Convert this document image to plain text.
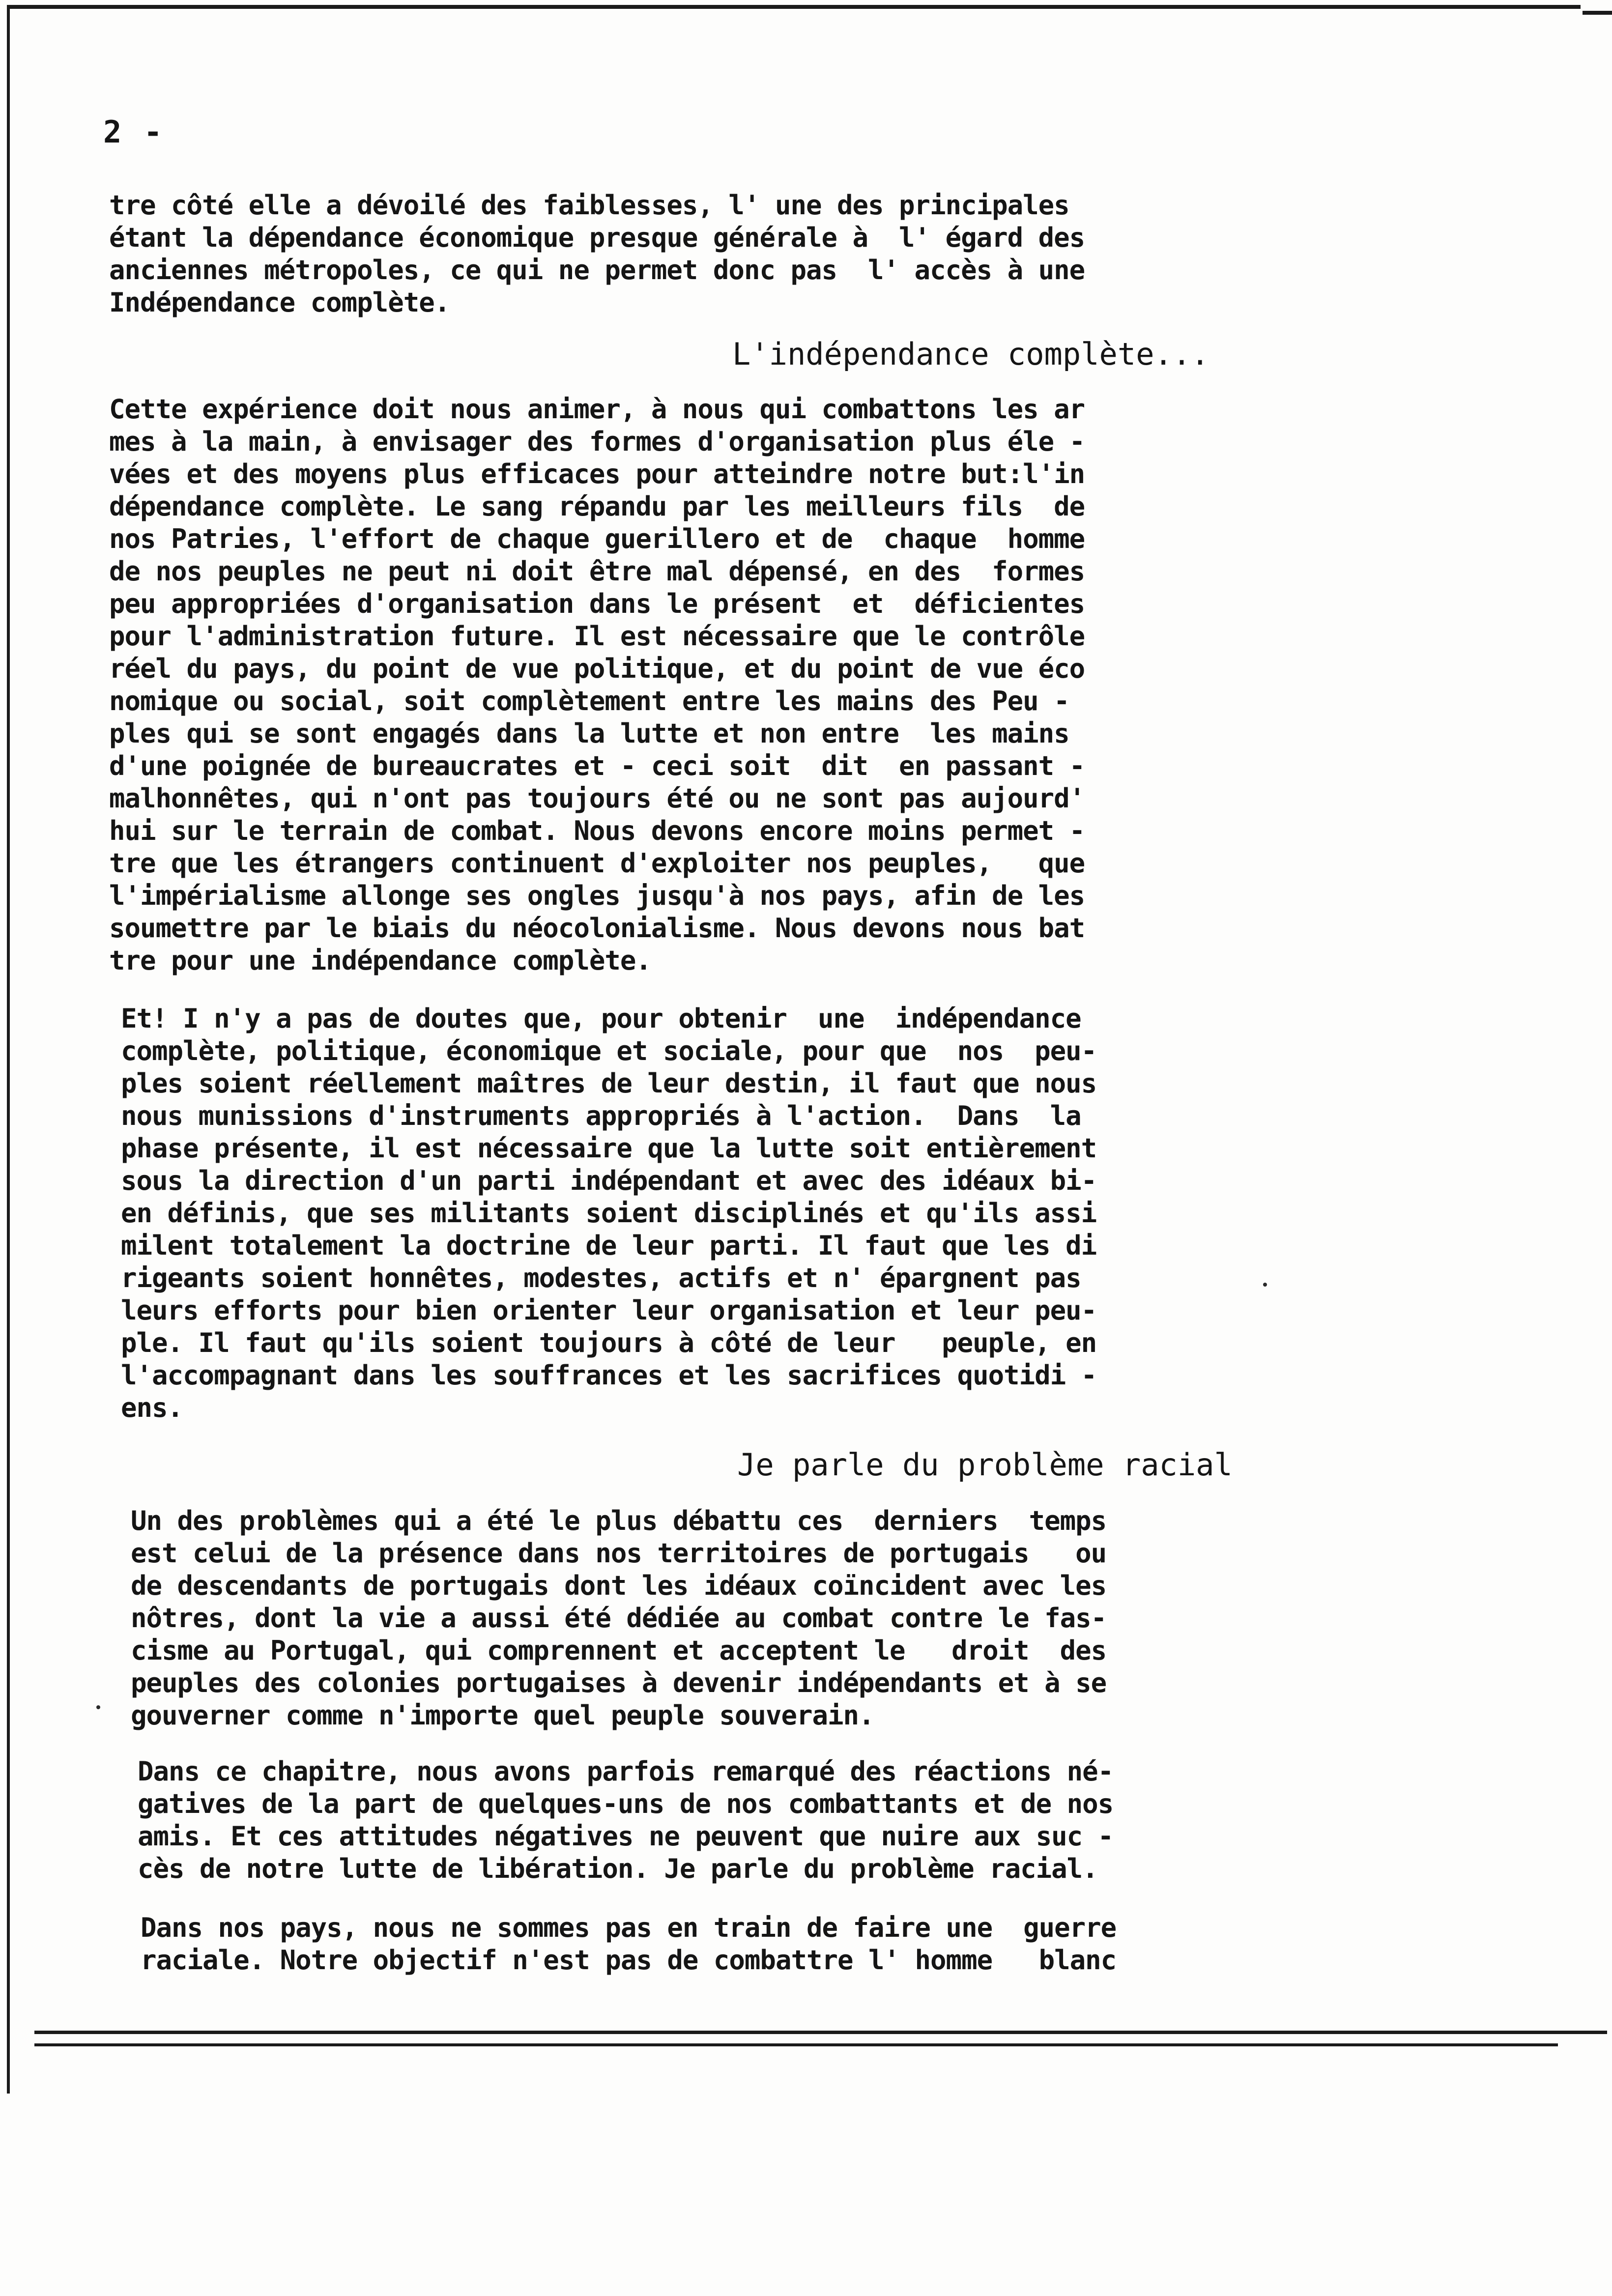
2 -

tre côté elle a dévoilé des faiblesses, l' une des principales
étant la dépendance économique presque générale à  l' égard des
anciennes métropoles, ce qui ne permet donc pas  l' accès à une
Indépendance complète.

L'indépendance complète...

Cette expérience doit nous animer, à nous qui combattons les ar
mes à la main, à envisager des formes d'organisation plus éle -
vées et des moyens plus efficaces pour atteindre notre but:l'in
dépendance complète. Le sang répandu par les meilleurs fils  de
nos Patries, l'effort de chaque guerillero et de  chaque  homme
de nos peuples ne peut ni doit être mal dépensé, en des  formes
peu appropriées d'organisation dans le présent  et  déficientes
pour l'administration future. Il est nécessaire que le contrôle
réel du pays, du point de vue politique, et du point de vue éco
nomique ou social, soit complètement entre les mains des Peu -
ples qui se sont engagés dans la lutte et non entre  les mains
d'une poignée de bureaucrates et - ceci soit  dit  en passant -
malhonnêtes, qui n'ont pas toujours été ou ne sont pas aujourd'
hui sur le terrain de combat. Nous devons encore moins permet -
tre que les étrangers continuent d'exploiter nos peuples,   que
l'impérialisme allonge ses ongles jusqu'à nos pays, afin de les
soumettre par le biais du néocolonialisme. Nous devons nous bat
tre pour une indépendance complète.

Et! I n'y a pas de doutes que, pour obtenir  une  indépendance
complète, politique, économique et sociale, pour que  nos  peu-
ples soient réellement maîtres de leur destin, il faut que nous
nous munissions d'instruments appropriés à l'action.  Dans  la
phase présente, il est nécessaire que la lutte soit entièrement
sous la direction d'un parti indépendant et avec des idéaux bi-
en définis, que ses militants soient disciplinés et qu'ils assi
milent totalement la doctrine de leur parti. Il faut que les di
rigeants soient honnêtes, modestes, actifs et n' épargnent pas
leurs efforts pour bien orienter leur organisation et leur peu-
ple. Il faut qu'ils soient toujours à côté de leur   peuple, en
l'accompagnant dans les souffrances et les sacrifices quotidi -
ens.

Je parle du problème racial

Un des problèmes qui a été le plus débattu ces  derniers  temps
est celui de la présence dans nos territoires de portugais   ou
de descendants de portugais dont les idéaux coïncident avec les
nôtres, dont la vie a aussi été dédiée au combat contre le fas-
cisme au Portugal, qui comprennent et acceptent le   droit  des
peuples des colonies portugaises à devenir indépendants et à se
gouverner comme n'importe quel peuple souverain.

Dans ce chapitre, nous avons parfois remarqué des réactions né-
gatives de la part de quelques-uns de nos combattants et de nos
amis. Et ces attitudes négatives ne peuvent que nuire aux suc -
cès de notre lutte de libération. Je parle du problème racial.

Dans nos pays, nous ne sommes pas en train de faire une  guerre
raciale. Notre objectif n'est pas de combattre l' homme   blanc
